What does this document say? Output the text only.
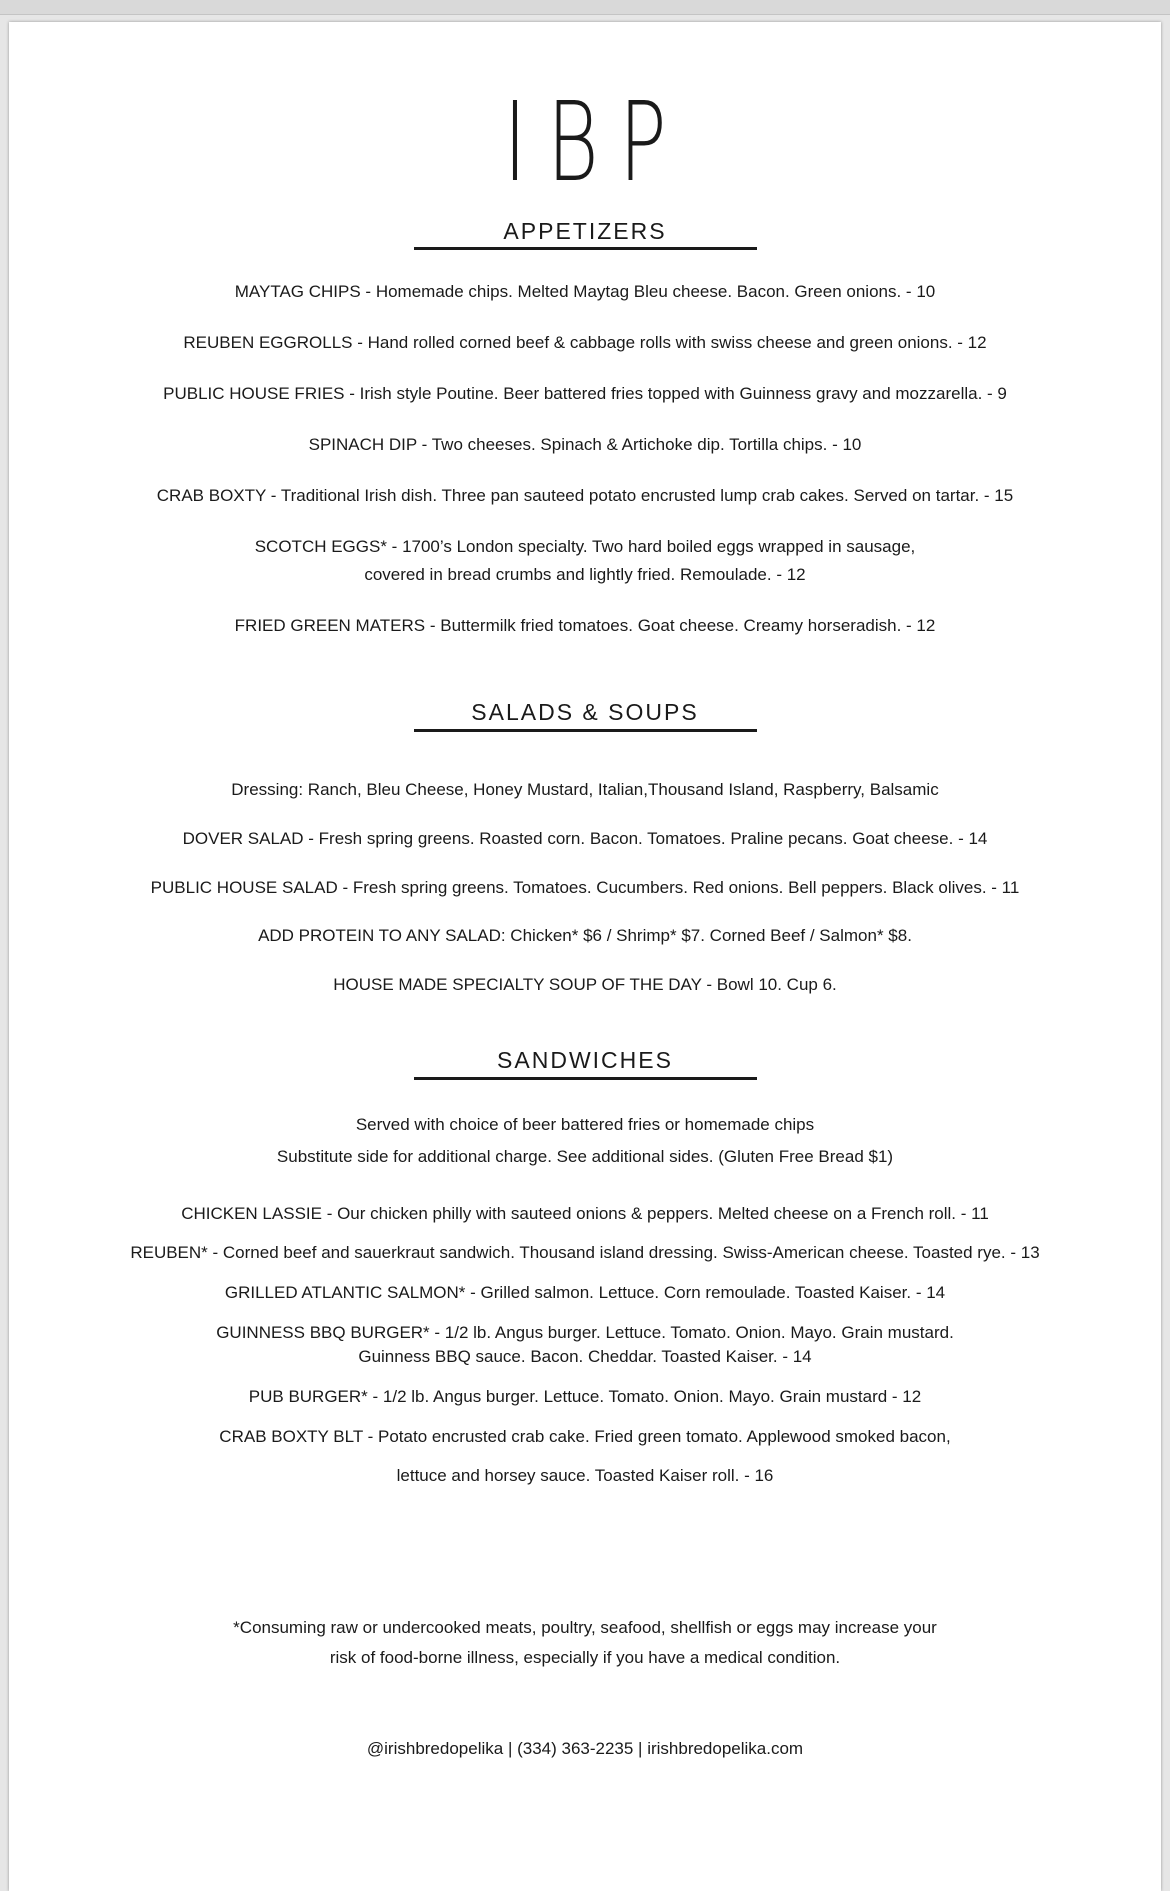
IBP
APPETIZERS
MAYTAG CHIPS - Homemade chips. Melted Maytag Bleu cheese. Bacon. Green onions. - 10
REUBEN EGGROLLS - Hand rolled corned beef & cabbage rolls with swiss cheese and green onions. - 12
PUBLIC HOUSE FRIES - Irish style Poutine. Beer battered fries topped with Guinness gravy and mozzarella. - 9
SPINACH DIP - Two cheeses. Spinach & Artichoke dip. Tortilla chips. - 10
CRAB BOXTY - Traditional Irish dish. Three pan sauteed potato encrusted lump crab cakes. Served on tartar. - 15
SCOTCH EGGS* - 1700’s London specialty. Two hard boiled eggs wrapped in sausage,
covered in bread crumbs and lightly fried. Remoulade. - 12
FRIED GREEN MATERS - Buttermilk fried tomatoes. Goat cheese. Creamy horseradish. - 12
SALADS & SOUPS
Dressing: Ranch, Bleu Cheese, Honey Mustard, Italian,Thousand Island, Raspberry, Balsamic
DOVER SALAD - Fresh spring greens. Roasted corn. Bacon. Tomatoes. Praline pecans. Goat cheese. - 14
PUBLIC HOUSE SALAD - Fresh spring greens. Tomatoes. Cucumbers. Red onions. Bell peppers. Black olives. - 11
ADD PROTEIN TO ANY SALAD: Chicken* $6 / Shrimp* $7. Corned Beef / Salmon* $8.
HOUSE MADE SPECIALTY SOUP OF THE DAY - Bowl 10. Cup 6.
SANDWICHES
Served with choice of beer battered fries or homemade chips
Substitute side for additional charge. See additional sides. (Gluten Free Bread $1)
CHICKEN LASSIE - Our chicken philly with sauteed onions & peppers. Melted cheese on a French roll. - 11
REUBEN* - Corned beef and sauerkraut sandwich. Thousand island dressing. Swiss-American cheese. Toasted rye. - 13
GRILLED ATLANTIC SALMON* - Grilled salmon. Lettuce. Corn remoulade. Toasted Kaiser. - 14
GUINNESS BBQ BURGER* - 1/2 lb. Angus burger. Lettuce. Tomato. Onion. Mayo. Grain mustard.
Guinness BBQ sauce. Bacon. Cheddar. Toasted Kaiser. - 14
PUB BURGER* - 1/2 lb. Angus burger. Lettuce. Tomato. Onion. Mayo. Grain mustard - 12
CRAB BOXTY BLT - Potato encrusted crab cake. Fried green tomato. Applewood smoked bacon,
lettuce and horsey sauce. Toasted Kaiser roll. - 16
*Consuming raw or undercooked meats, poultry, seafood, shellfish or eggs may increase your
risk of food-borne illness, especially if you have a medical condition.
@irishbredopelika | (334) 363-2235 | irishbredopelika.com
